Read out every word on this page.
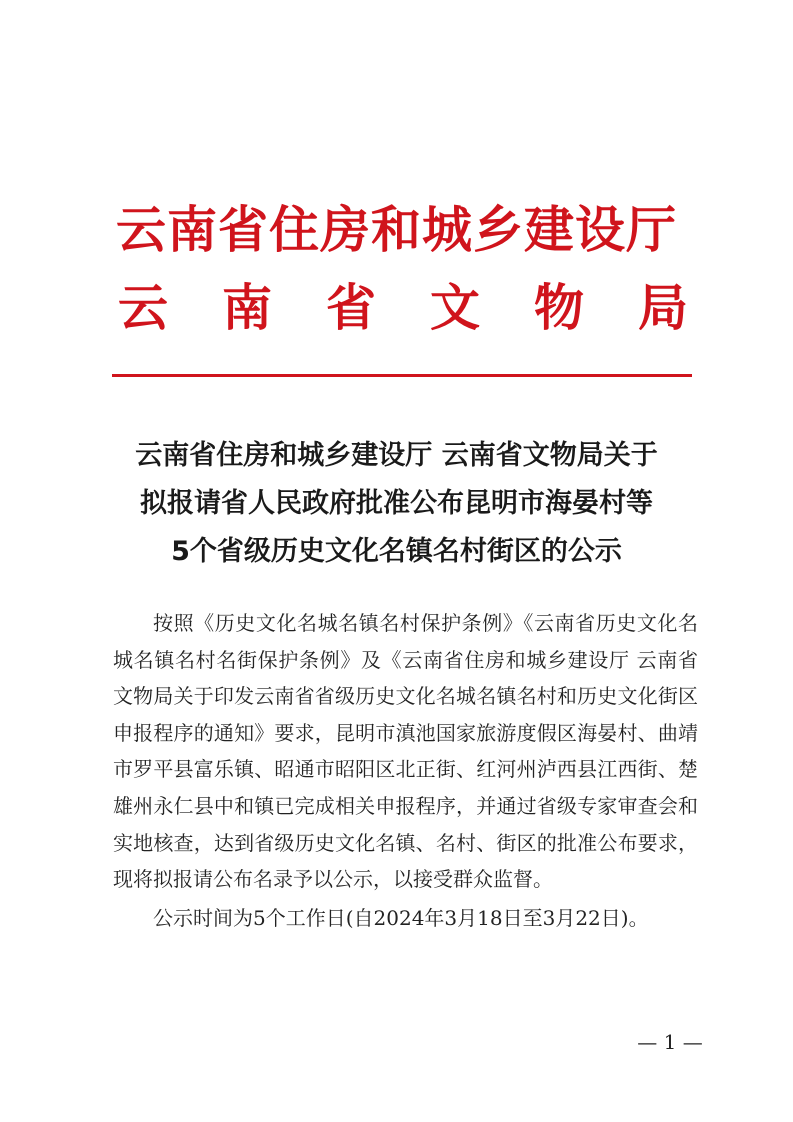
云南省住房和城乡建设厅
云 南 省 文 物 局
云南省住房和城乡建设厅 云南省文物局关于
拟报请省人民政府批准公布昆明市海晏村等
5个省级历史文化名镇名村街区的公示

按照《历史文化名城名镇名村保护条例》《云南省历史文化名城名镇名村名街保护条例》及《云南省住房和城乡建设厅 云南省文物局关于印发云南省省级历史文化名城名镇名村和历史文化街区申报程序的通知》要求，昆明市滇池国家旅游度假区海晏村、曲靖市罗平县富乐镇、昭通市昭阳区北正街、红河州泸西县江西街、楚雄州永仁县中和镇已完成相关申报程序，并通过省级专家审查会和实地核查，达到省级历史文化名镇、名村、街区的批准公布要求，现将拟报请公布名录予以公示，以接受群众监督。

公示时间为5个工作日(自2024年3月18日至3月22日)。

— 1 —
